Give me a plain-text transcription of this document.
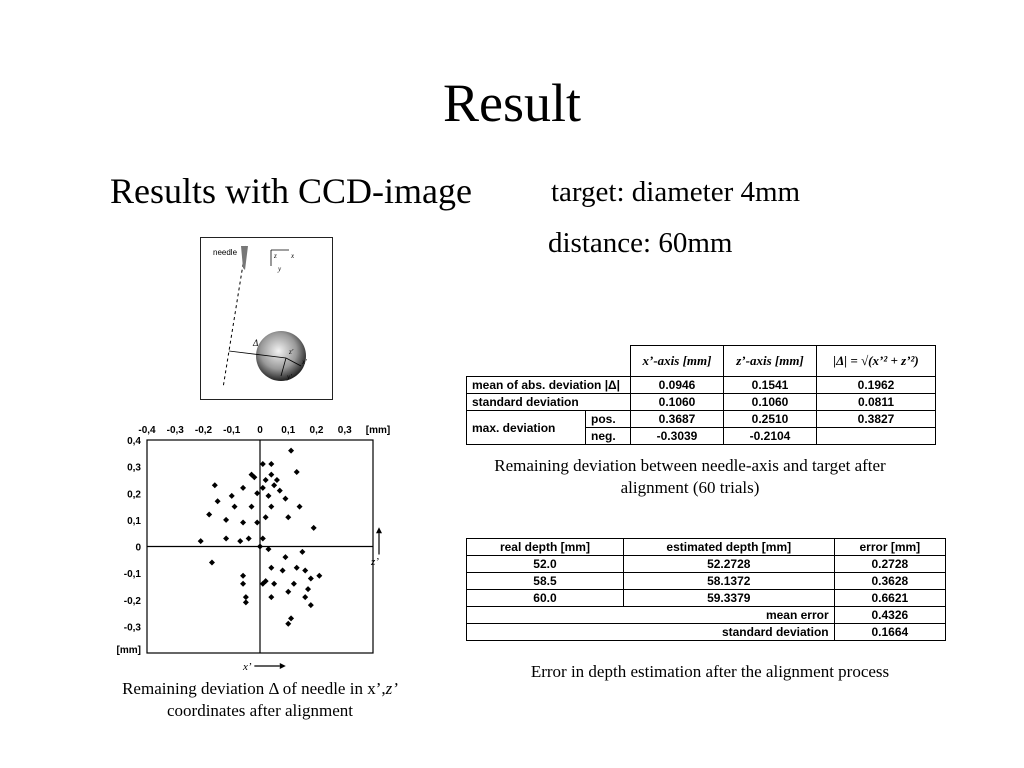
Result
Results with CCD-image	target: diameter 4mm
distance: 60mm
needle	z x
y
Δ
z'
x'
y'
-0,4 -0,3 -0,2 -0,1 0 0,1 0,2 0,3 [mm]
0,4
0,3
0,2
0,1
0
-0,1
-0,2
-0,3
[mm]
x’
z’
Remaining deviation Δ of needle in x’,z’
coordinates after alignment
		x’-axis [mm]	z’-axis [mm]	|Δ| = √(x’² + z’²)
mean of abs. deviation |Δ|		0.0946	0.1541	0.1962
standard deviation		0.1060	0.1060	0.0811
max. deviation	pos.	0.3687	0.2510	0.3827
	neg.	-0.3039	-0.2104	
Remaining deviation between needle-axis and target after alignment (60 trials)
real depth [mm]	estimated depth [mm]	error [mm]
52.0	52.2728	0.2728
58.5	58.1372	0.3628
60.0	59.3379	0.6621
mean error		0.4326
standard deviation		0.1664
Error in depth estimation after the alignment process
